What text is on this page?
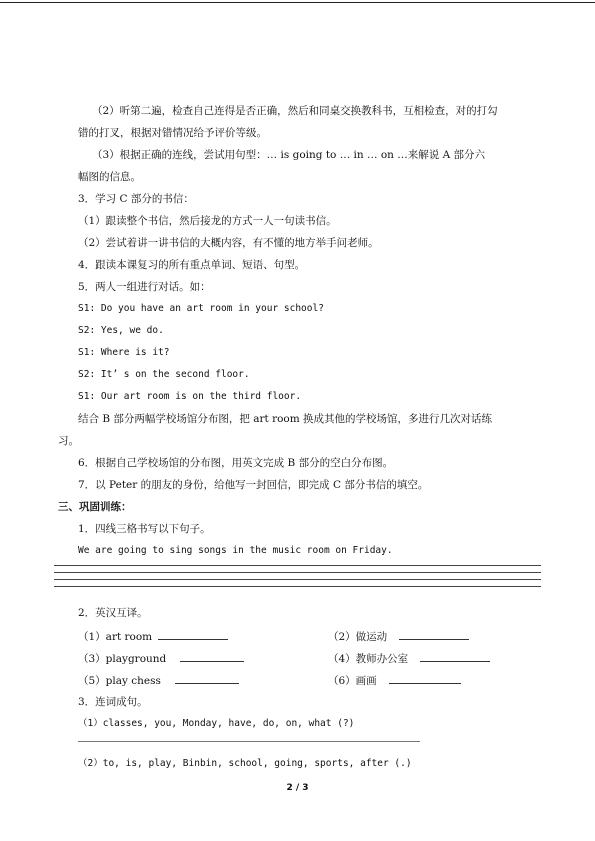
（2）听第二遍，检查自己连得是否正确，然后和同桌交换教科书，互相检查，对的打勾
错的打叉，根据对错情况给予评价等级。
（3）根据正确的连线，尝试用句型：… is going to … in … on …来解说 A 部分六
幅图的信息。
3．学习 C 部分的书信：
（1）跟读整个书信，然后接龙的方式一人一句读书信。
（2）尝试着讲一讲书信的大概内容，有不懂的地方举手问老师。
4．跟读本课复习的所有重点单词、短语、句型。
5．两人一组进行对话。如：
S1: Do you have an art room in your school?
S2: Yes, we do.
S1: Where is it?
S2: It’ s on the second floor.
S1: Our art room is on the third floor.
结合 B 部分两幅学校场馆分布图，把 art room 换成其他的学校场馆，多进行几次对话练
习。
6．根据自己学校场馆的分布图，用英文完成 B 部分的空白分布图。
7．以 Peter 的朋友的身份，给他写一封回信，即完成 C 部分书信的填空。
三、巩固训练：
1．四线三格书写以下句子。
We are going to sing songs in the music room on Friday.
2．英汉互译。
（1）art room	（2）做运动
（3）playground	（4）教师办公室
（5）play chess	（6）画画
3．连词成句。
（1）classes, you, Monday, have, do, on, what (?)
（2）to, is, play, Binbin, school, going, sports, after (.)
2 / 3
